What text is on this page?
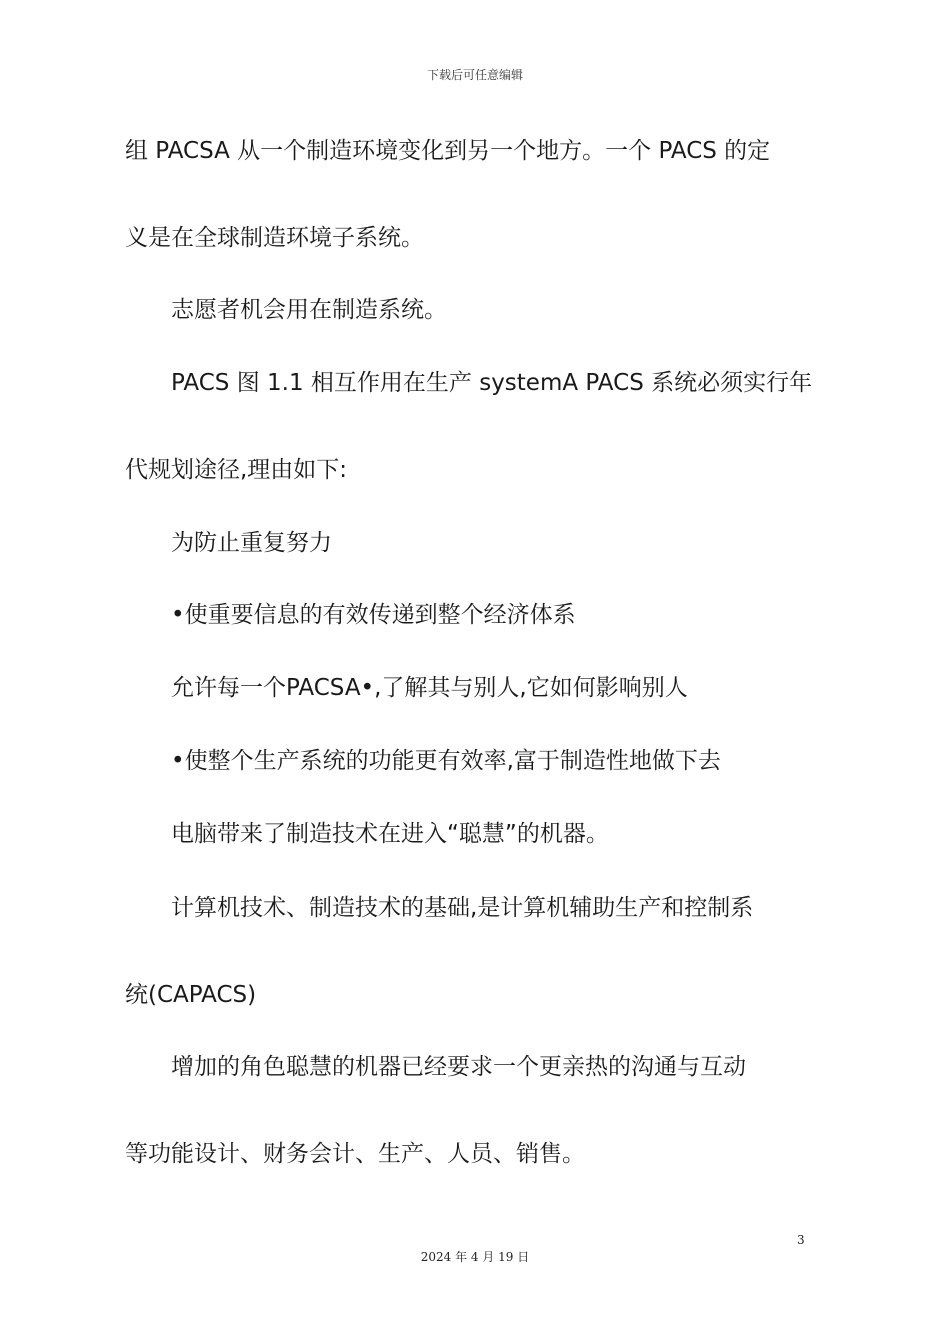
下载后可任意编辑
组 PACSA 从一个制造环境变化到另一个地方。一个 PACS 的定
义是在全球制造环境子系统。
志愿者机会用在制造系统。
PACS 图 1.1 相互作用在生产 systemA PACS 系统必须实行年
代规划途径,理由如下:
为防止重复努力
•使重要信息的有效传递到整个经济体系
允许每一个PACSA•,了解其与别人,它如何影响别人
•使整个生产系统的功能更有效率,富于制造性地做下去
电脑带来了制造技术在进入“聪慧”的机器。
计算机技术、制造技术的基础,是计算机辅助生产和控制系
统(CAPACS)
增加的角色聪慧的机器已经要求一个更亲热的沟通与互动
等功能设计、财务会计、生产、人员、销售。
3
2024 年 4 月 19 日
